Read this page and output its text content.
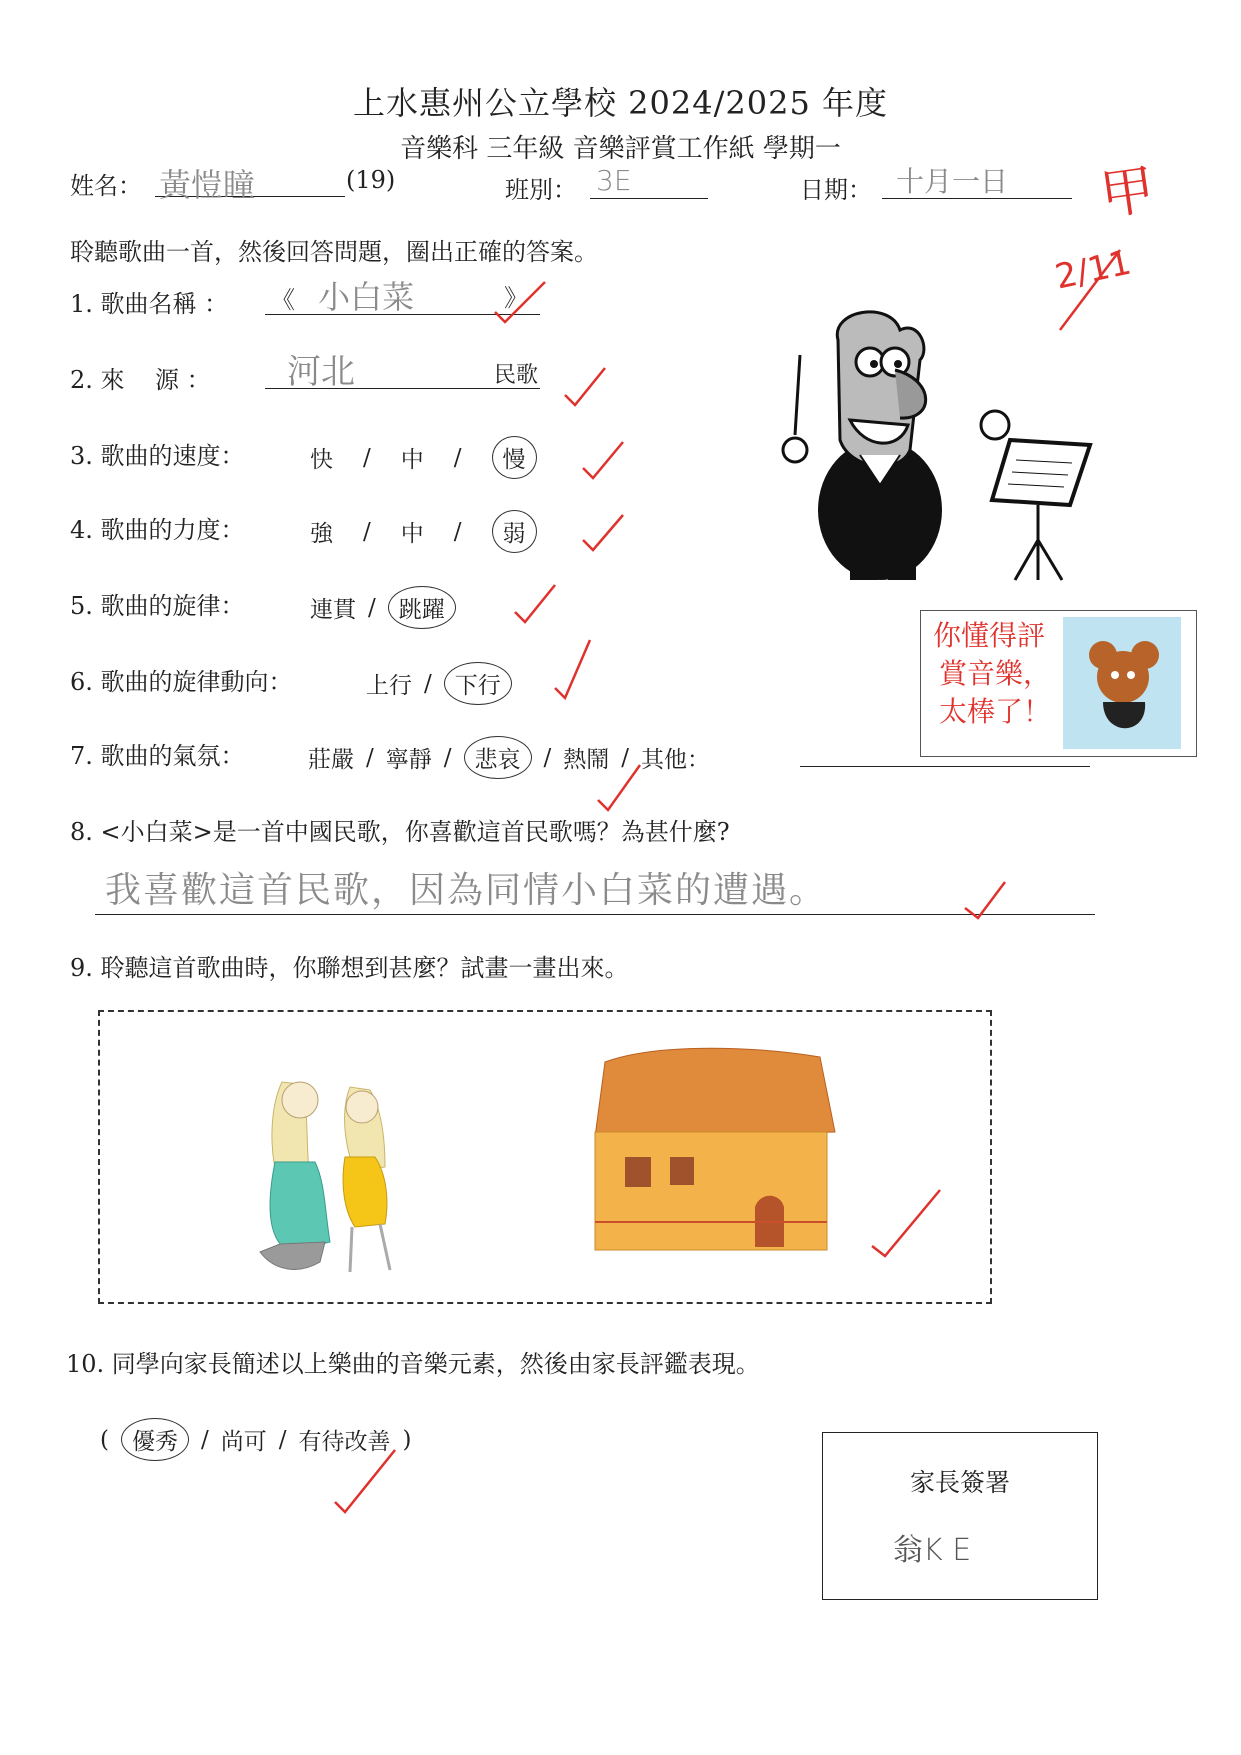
上水惠州公立學校 2024/2025 年度
音樂科 三年級 音樂評賞工作紙 學期一
姓名： 黃愷瞳	(19)	班別： 3E	日期： 十月一日	甲
2/11
聆聽歌曲一首，然後回答問題，圈出正確的答案。
1. 歌曲名稱 ： 《 小白菜	》
2. 來    源 ：	河北	民歌
3. 歌曲的速度：	快 / 中 /	慢
4. 歌曲的力度：	強 / 中 /	弱
5. 歌曲的旋律：	連貫 /	跳躍
6. 歌曲的旋律動向：	上行 /	下行
7. 歌曲的氣氛：	莊嚴 / 寧靜 /	悲哀	/ 熱鬧 / 其他：
8. <小白菜>是一首中國民歌，你喜歡這首民歌嗎？為甚什麼?
我喜歡這首民歌，因為同情小白菜的遭遇。
9. 聆聽這首歌曲時，你聯想到甚麼？試畫一畫出來。
10. 同學向家長簡述以上樂曲的音樂元素，然後由家長評鑑表現。
(	優秀	/ 尚可 / 有待改善 )
家長簽署
翁K E
你懂得評
賞音樂，
太棒了！
